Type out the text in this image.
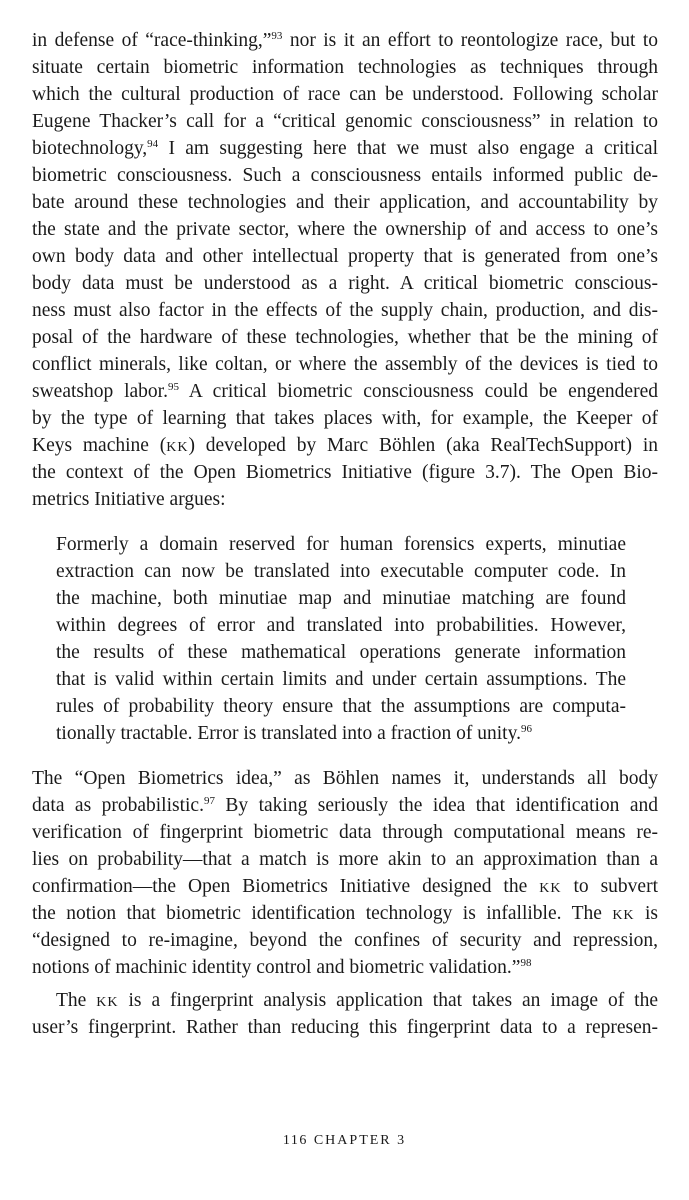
in defense of “race-thinking,”$^{93}$ nor is it an effort to reontologize race, but to
situate certain biometric information technologies as techniques through
which the cultural production of race can be understood. Following scholar
Eugene Thacker’s call for a “critical genomic consciousness” in relation to
biotechnology,$^{94}$ I am suggesting here that we must also engage a critical
biometric consciousness. Such a consciousness entails informed public de-
bate around these technologies and their application, and accountability by
the state and the private sector, where the ownership of and access to one’s
own body data and other intellectual property that is generated from one’s
body data must be understood as a right. A critical biometric conscious-
ness must also factor in the effects of the supply chain, production, and dis-
posal of the hardware of these technologies, whether that be the mining of
conflict minerals, like coltan, or where the assembly of the devices is tied to
sweatshop labor.$^{95}$ A critical biometric consciousness could be engendered
by the type of learning that takes places with, for example, the Keeper of
Keys machine (kk) developed by Marc Böhlen (aka RealTechSupport) in
the context of the Open Biometrics Initiative (figure 3.7). The Open Bio-
metrics Initiative argues:
Formerly a domain reserved for human forensics experts, minutiae
extraction can now be translated into executable computer code. In
the machine, both minutiae map and minutiae matching are found
within degrees of error and translated into probabilities. However,
the results of these mathematical operations generate information
that is valid within certain limits and under certain assumptions. The
rules of probability theory ensure that the assumptions are computa-
tionally tractable. Error is translated into a fraction of unity.$^{96}$
The “Open Biometrics idea,” as Böhlen names it, understands all body
data as probabilistic.$^{97}$ By taking seriously the idea that identification and
verification of fingerprint biometric data through computational means re-
lies on probability—that a match is more akin to an approximation than a
confirmation—the Open Biometrics Initiative designed the kk to subvert
the notion that biometric identification technology is infallible. The kk is
“designed to re-imagine, beyond the confines of security and repression,
notions of machinic identity control and biometric validation.”$^{98}$
The kk is a fingerprint analysis application that takes an image of the
user’s fingerprint. Rather than reducing this fingerprint data to a represen-
116 CHAPTER 3
